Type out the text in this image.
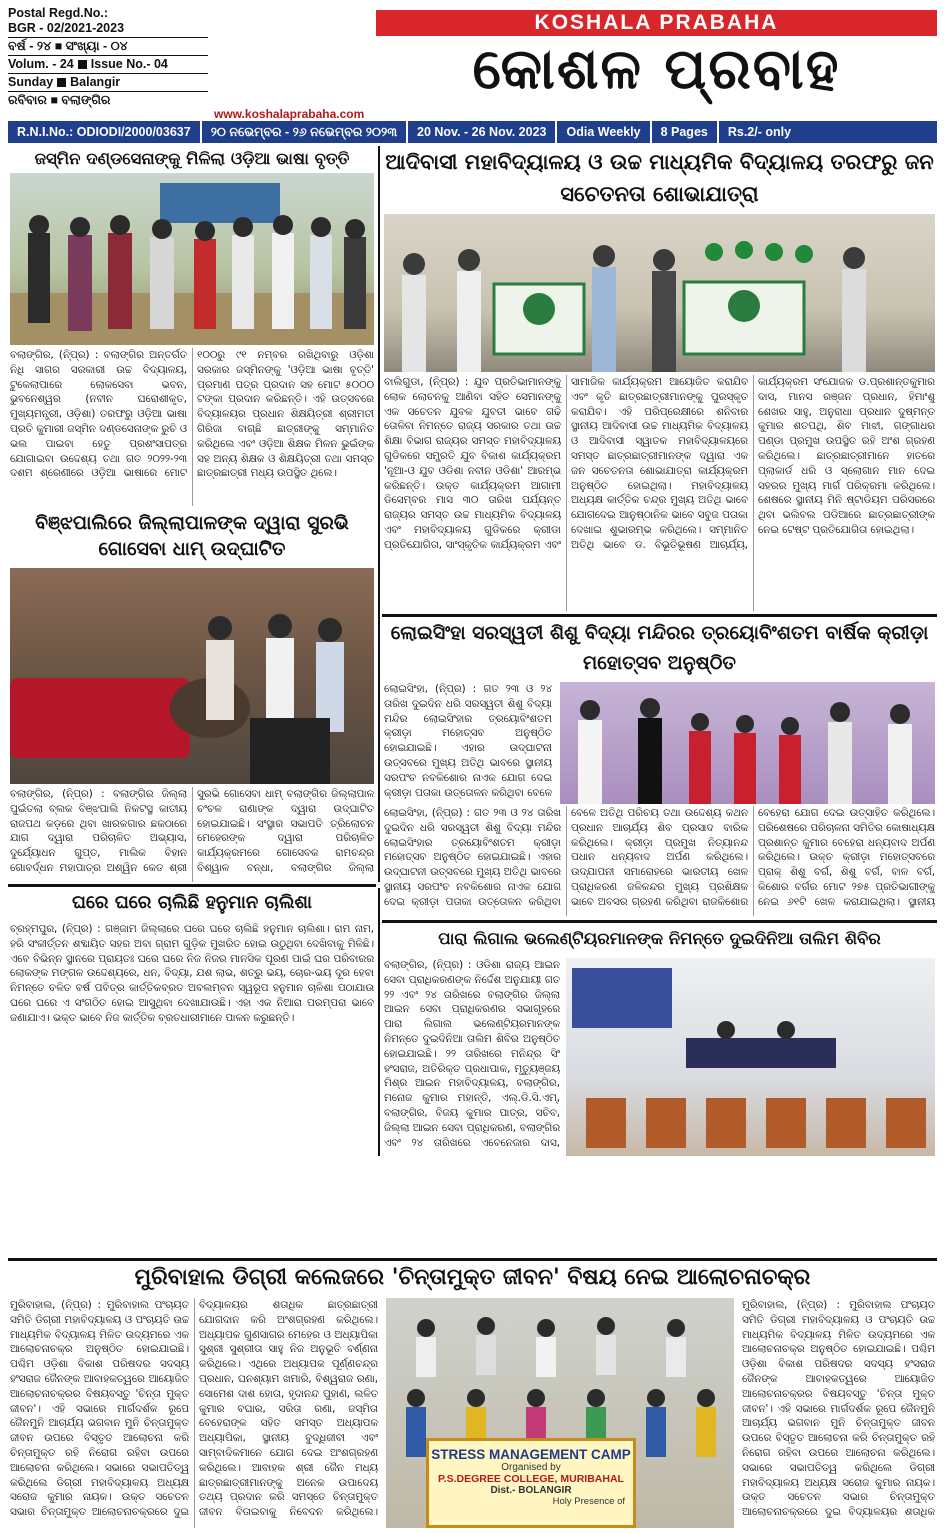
Postal Regd.No.:
BGR - 02/2021-2023
ବର୍ଷ - ୨୪ ■ ସଂଖ୍ୟା - ୦୪
Volum. - 24 Issue No.- 04
Sunday Balangir
ରବିବାର ■ ବଲାଙ୍ଗିର
www.koshalaprabaha.com
KOSHALA PRABAHA
କୋଶଳ ପ୍ରବାହ
R.N.I.No.: ODIODI/2000/03637	୨୦ ନଭେମ୍ବର - ୨୬ ନଭେମ୍ବର ୨୦୨୩	20 Nov. - 26 Nov. 2023	Odia Weekly	8 Pages	Rs.2/- only
ଜସ୍ମିନ ଦଣ୍ଡସେନାଙ୍କୁ ମିଳିଲା ଓଡ଼ିଆ ଭାଷା ବୃତ୍ତି
ବଲାଙ୍ଗିର, (ନି୍ପ୍ର) : ବଲାଙ୍ଗିର ଅନ୍ତର୍ଗତ ନିଧି ସାଗର ସରକାରୀ ଉଚ୍ଚ ବିଦ୍ୟାଳୟ, ଟୁକେଲାପାରେ ଲୋକସେବା ଭବନ, ଭୁବନେଶ୍ୱର (ନବୀନ ଘରୋଶୀକୃତ, ମୁଖ୍ୟମନ୍ତ୍ରୀ, ଓଡ଼ିଶା) ତରଫରୁ ଓଡ଼ିଆ ଭାଷା ପ୍ରତି କୁମାରୀ ଜସ୍ମିନ ଦଣ୍ଡସେନାଙ୍କ ରୁଚି ଓ ଭଲ ପାଇବା ହେତୁ ପ୍ରଶଂସାପତ୍ର ଯୋଗାଇବା ଉଦ୍ଦେଶ୍ୟ ତଥା ଗତ ୨୦୨୨-୨୩ ଦଶମ ଶ୍ରେଣୀରେ ଓଡ଼ିଆ ଭାଷାରେ ମୋଟ ୧୦୦ରୁ ୯୧ ନମ୍ବର ରଖିଥିବାରୁ ଓଡ଼ିଶା ସରକାର ଜସ୍ମିନଙ୍କୁ 'ଓଡ଼ିଆ ଭାଷା ବୃତ୍ତି' ପ୍ରମାଣ ପତ୍ର ପ୍ରଦାନ ସହ ମୋଟ ୫୦୦୦ ଟଙ୍କା ପ୍ରଦାନ କରିଛନ୍ତି। ଏହି ଉତ୍ସବରେ ବିଦ୍ୟାଳୟର ପ୍ରଧାନ ଶିକ୍ଷୟିତ୍ରୀ ଶ୍ରୀମତୀ ଗିରିଜା ବାଗ୍ଛି ଛାତ୍ରୀଙ୍କୁ ସମ୍ମାନିତ କରିଥିଲେ ଏବଂ ଓଡ଼ିଆ ଶିକ୍ଷକ ମିଳନ ଭୁଇଁଙ୍କ ସହ ଅନ୍ୟ ଶିକ୍ଷକ ଓ ଶିକ୍ଷୟିତ୍ରୀ ତଥା ସମସ୍ତ ଛାତ୍ରଛାତ୍ରୀ ମଧ୍ୟ ଉପସ୍ଥିତ ଥିଲେ।
ଆଦିବାସୀ ମହାବିଦ୍ୟାଳୟ ଓ ଉଚ୍ଚ ମାଧ୍ୟମିକ ବିଦ୍ୟାଳୟ ତରଫରୁ ଜନ ସଚେତନତା ଶୋଭାଯାତ୍ରା
ବାଲିଗୁଡା, (ନି୍ପ୍ର) : ଯୁବ ପ୍ରତିଭାମାନଙ୍କୁ ଲୋକ ଲୋଚନକୁ ଆଣିବା ସହିତ ସେମାନଙ୍କୁ ଏକ ସଚେତନ ଯୁବକ ଯୁବତୀ ଭାବେ ଗଢି ତୋଳିବା ନିମନ୍ତେ ରାଜ୍ୟ ସରକାର ତଥା ଉଚ୍ଚ ଶିକ୍ଷା ବିଭାଗ ରାଜ୍ୟର ସମସ୍ତ ମହାବିଦ୍ୟାଳୟ ଗୁଡିକରେ ସମ୍ପ୍ରତି ଯୁବ ବିକାଶ କାର୍ଯ୍ୟକ୍ରମ 'ନୂଆ-ଓ ଯୁବ ଓଡିଶା ନବୀନ ଓଡିଶା' ଆରମ୍ଭ କରିଛନ୍ତି। ଉକ୍ତ କାର୍ଯ୍ୟକ୍ରମ ଆଗାମୀ ଡିସେମ୍ବର ମାସ ୩୦ ତାରିଖ ପର୍ଯ୍ୟନ୍ତ ରାଜ୍ୟର ସମସ୍ତ ଉଚ୍ଚ ମାଧ୍ୟମିକ ବିଦ୍ୟାଳୟ ଏବଂ ମହାବିଦ୍ୟାଳୟ ଗୁଡିକରେ କ୍ରୀଡା ପ୍ରତିଯୋଗିତା, ସାଂସ୍କୃତିକ କାର୍ଯ୍ୟକ୍ରମ ଏବଂ ସାମାଜିକ କାର୍ଯ୍ୟକ୍ରମ ଆୟୋଜିତ କରାଯିବ ଏବଂ କୃତି ଛାତ୍ରଛାତ୍ରୀମାନଙ୍କୁ ପୁରସ୍କୃତ କରାଯିବ। ଏହି ପରିପ୍ରେକ୍ଷୀରେ ଶନିବାର ସ୍ଥାନୀୟ ଆଦିବାସୀ ଉଚ୍ଚ ମାଧ୍ୟମିକ ବିଦ୍ୟାଳୟ ଓ ଆଦିବାସୀ ସ୍ୱାତକ ମହାବିଦ୍ୟାଳୟରେ ସମସ୍ତ ଛାତ୍ରଛାତ୍ରୀମାନଙ୍କ ଦ୍ୱାରା ଏକ ଜନ ସଚେତନତା ଶୋଭାଯାତ୍ରା କାର୍ଯ୍ୟକ୍ରମ ଅନୁଷ୍ଠିତ ହୋଇଥିଲା। ମହାବିଦ୍ୟାଳୟ ଅଧ୍ୟକ୍ଷ କାର୍ତ୍ତିକ ଚନ୍ଦ୍ର ମୁଖ୍ୟ ଅତିଥି ଭାବେ ଯୋଗଦେଇ ଆନୁଷ୍ଠାନିକ ଭାବେ ସବୁଜ ପତାକା ଦେଖାଇ ଶୁଭାରମ୍ଭ କରିଥିଲେ। ସମ୍ମାନିତ ଅତିଥି ଭାବେ ଡ. ବିଭୂତିଭୂଷଣ ଆଚାର୍ଯ୍ୟ, କାର୍ଯ୍ୟକ୍ରମ ସଂଯୋଜକ ଡ.ପ୍ରଶାନ୍ତକୁମାର ଦାସ, ମାନସ ରଞ୍ଜନ ପ୍ରଧାନ, ହିମାଂଶୁ ଶେଖର ସାହୁ, ଅନୁରାଧା ପ୍ରଧାନ ଦୁଷ୍ମନ୍ତ କୁମାର ଶତପଥି, ଶିବ ମାଝୀ, ଗଙ୍ଗାଧର ପଣ୍ଡା ପ୍ରମୁଖ ଉପସ୍ଥିତ ରହି ଅଂଶ ଗ୍ରହଣ କରିଥିଲେ। ଛାତ୍ରଛାତ୍ରୀମାନେ ହାତରେ ପ୍ଲାକାର୍ଡ ଧରି ଓ ସ୍ଲୋଗାନ ମାନ ଦେଇ ସହରର ମୁଖ୍ୟ ମାର୍ଗ ପରିକ୍ରମା କରିଥିଲେ। ଶେଷରେ ସ୍ଥାନୀୟ ମିନି ଷ୍ଟାଡିୟମ ପରିସରରେ ଥିବା ଭଲିବଲ ପଡିଆରେ ଛାତ୍ରଛାତ୍ରୀଙ୍କ ନେଇ ଟେଷ୍ଟ ପ୍ରତିଯୋଗିତା ହୋଇଥିଲା।
ବିଞ୍ଝପାଲିରେ ଜିଲ୍ଲାପାଳଙ୍କ ଦ୍ୱାରା ସୁରଭି ଗୋସେବା ଧାମ୍ ଉଦ୍‌ଘାଟିତ
ବଲାଙ୍ଗିର, (ନି୍ପ୍ର) : ବଲାଙ୍ଗିର ଜିଲ୍ଲା ପୁଇଁତଲା ବ୍ଲକ ବିଞ୍ଝପାଲି ନିକଟସ୍ଥ କାତୀୟ ରାଜପଥ କଡ଼ରେ ଥିବା ଖାରକଗାର ଛକଠାରେ ଯାଗ ଦ୍ୱାରା ପରିଚାଳିତ ଅଭ୍ୟାସ, ଦୁର୍ଯ୍ୟୋଧନ ଗୁପ୍ତ, ମାଲିକ ବିହାନ ଗୋବର୍ଦ୍ଧନ ମହାପାତ୍ର ଅଶ୍ୱିନ କେତ ଶ୍ରୀ ସୁରଭି ଗୋସେବା ଧାମ୍ ବଲାଙ୍ଗିର ଜିଲ୍ଲାପାଳ ଚଂଚଳ ରାଣାଙ୍କ ଦ୍ୱାରା ଉଦ୍‌ଘାଟିତ ହୋଇଯାଇଛି। ସଂସ୍ଥାର ସଭାପତି ତ୍ରିଲୋଚନ ମେହେରଙ୍କ ଦ୍ୱାରା ପରିଚାଳିତ କାର୍ଯ୍ୟକ୍ରମରେ ଗୋସେବକ ରାମଚନ୍ଦ୍ର ବିଶ୍ୱାଳ ବନ୍ଧା, ବଲାଙ୍ଗିର ଜିଲ୍ଲା
ଲୋଇସିଂହା ସରସ୍ୱତୀ ଶିଶୁ ବିଦ୍ୟା ମନ୍ଦିରର ତ୍ରୟୋବିଂଶତମ ବାର୍ଷିକ କ୍ରୀଡ଼ା ମହୋତ୍ସବ ଅନୁଷ୍ଠିତ
ଲୋଇସିଂହା, (ନି୍ପ୍ର) : ଗତ ୨୩ ଓ ୨୪ ତାରିଖ ଦୁଇଦିନ ଧରି ସରସ୍ୱତୀ ଶିଶୁ ବିଦ୍ୟା ମନ୍ଦିର ଲୋଇସିଂହାର ତ୍ରୟୋବିଂଶତମ କ୍ରୀଡ଼ା ମହୋତ୍ସବ ଅନୁଷ୍ଠିତ ହୋଇଯାଇଛି। ଏହାର ଉଦ୍‌ଘାଟନୀ ଉତ୍ସବରେ ମୁଖ୍ୟ ଅତିଥି ଭାବରେ ସ୍ଥାନୀୟ ସରପଂଚ ନବକିଶୋର ନାଏକ ଯୋଗ ଦେଇ କ୍ରୀଡ଼ା ପତାକା ଉତ୍ତୋଳନ କରିଥିବା ବେଳେ
ଲୋଇସିଂହା, (ନି୍ପ୍ର) : ଗତ ୨୩ ଓ ୨୪ ତାରିଖ ଦୁଇଦିନ ଧରି ସରସ୍ୱତୀ ଶିଶୁ ବିଦ୍ୟା ମନ୍ଦିର ଲୋଇସିଂହାର ତ୍ରୟୋବିଂଶତମ କ୍ରୀଡ଼ା ମହୋତ୍ସବ ଅନୁଷ୍ଠିତ ହୋଇଯାଇଛି। ଏହାର ଉଦ୍‌ଘାଟନୀ ଉତ୍ସବରେ ମୁଖ୍ୟ ଅତିଥି ଭାବରେ ସ୍ଥାନୀୟ ସରପଂଚ ନବକିଶୋର ନାଏକ ଯୋଗ ଦେଇ କ୍ରୀଡ଼ା ପତାକା ଉତ୍ତୋଳନ କରିଥିବା ବେଳେ ଅତିଥି ପରିଚୟ ତଥା ଉଦ୍ଦେଶ୍ୟ କଥନ ପ୍ରଧାନ ଆଚାର୍ଯ୍ୟ ଶିବ ପ୍ରସାଦ ବାରିକ କରିଥିଲେ। କ୍ରୀଡ଼ା ପ୍ରମୁଖ ନିତ୍ୟାନନ୍ଦ ପଧାନ ଧନ୍ୟବାଦ ଅର୍ପଣ କରିଥିଲେ। ଉଦ୍‌ଯାପନୀ ସମାରୋହରେ ଭାରତୀୟ ଖେଳ ପ୍ରାଧିକରଣ ଜଳିକନ୍ଦର ମୁଖ୍ୟ ପ୍ରଶିକ୍ଷକ ଭାବେ ଅବସର ଗ୍ରହଣ କରିଥିବା ରାଜକିଶୋର ବେହେରା ଯୋଗ ଦେଇ ଉତ୍ସାହିତ କରିଥିଲେ। ପରିଶେଷରେ ପରିଚାଳନା ସମିତିର କୋଷାଧ୍ୟକ୍ଷ ପ୍ରଶାନ୍ତ କୁମାର ବେହେରା ଧନ୍ୟବାଦ ଅର୍ପଣ କରିଥିଲେ। ଉକ୍ତ କ୍ରୀଡ଼ା ମହୋତ୍ସବରେ ପ୍ରାକ୍ ଶିଶୁ ବର୍ଗ, ଶିଶୁ ବର୍ଗ, ବାଳ ବର୍ଗ, କିଶୋର ବର୍ଗର ମୋଟ ୨୭୫ ପ୍ରତିଭାଗୀଙ୍କୁ ନେଇ ୬୧ଟି ଖେଳ କରାଯାଇଥିଲା। ସ୍ଥାନୀୟ
ଘରେ ଘରେ ଚାଲିଛି ହନୁମାନ ଚାଲିଶା
ବ୍ରହ୍ମପୁର, (ନି୍ପ୍ର) : ଗଞ୍ଜାମ ଜିଲ୍ଲାରେ ଘରେ ଘରେ ଚାଲିଛି ହନୁମାନ ଚାଲିଶା। ରାମ ନାମ, ହରି ସଂକୀର୍ତ୍ତନ ଶବ୍ଦାୟିତ ସହର ଅବା ଗ୍ରାମ ଗୁଡ଼ିକ ମୁଖରିତ ହୋଇ ଉଠୁଥିବା ଦେଖିବାକୁ ମିଳିଛି। ଏବେ ବିଭିନ୍ନ ସ୍ଥାନରେ ପ୍ରାୟତଃ ଘରେ ଘରେ ନିଜ ନିଜର ମାନସିକ ପୂରଣ ପାଇଁ ଘର ପରିବାରର ଲୋକଙ୍କ ମଙ୍ଗଳ ଉଦ୍ଦେଶ୍ୟରେ, ଧନ, ବିଦ୍ୟା, ଯଶ ଲାଭ, ଶତ୍ରୁ ଭୟ, ଚୋର-ଭୟ ଦୂର ହେବା ନିମନ୍ତେ ଚଳିତ ବର୍ଷ ପବିତ୍ର କାର୍ତ୍ତିକବ୍ରତ ଅବଲମ୍ବନ ସ୍ୱରୂପ ହନୁମାନ ଚାଳିଶା ପଠାଯାଉ ଘରେ ଘରେ ଏ ସଂଗଠିତ ହୋଇ ଆସୁଥିବା ଦେଖାଯାଉଛି। ଏହା ଏକ ନିଆରା ପରମ୍ପରା ଭାବେ ଜଣାଯାଏ। ଭକ୍ତ ଭାବେ ନିଜ କାର୍ତ୍ତିକ ବ୍ରତଧାରୀମାନେ ପାଳନ କରୁଛନ୍ତି।
ପାରା ଲିଗାଲ ଭଲେଣ୍ଟିୟରମାନଙ୍କ ନିମନ୍ତେ ଦୁଇଦିନିଆ ତାଲିମ ଶିବିର
ବଲାଙ୍ଗିର, (ନି୍ପ୍ର) : ଓଡିଶା ରାଜ୍ୟ ଆଇନ ସେବା ପ୍ରାଧିକରଣଙ୍କ ନିର୍ଦ୍ଦେଶ ଅନୁଯାୟୀ ଗତ ୨୨ ଏବଂ ୨୪ ତାରିଖରେ ବଲାଙ୍ଗିର ଜିଲ୍ଲା ଆଇନ ସେବା ପ୍ରାଧିକରଣର ସଭାଗୃହରେ ପାରା ଲିଗାଲ ଭଲେଣ୍ଟିୟରମାନଙ୍କ ନିମନ୍ତେ ଦୁଇଦିନିଆ ତାଲିମ ଶିବିର ଅନୁଷ୍ଠିତ ହୋଇଯାଇଛି। ୨୨ ତାରିଖରେ ମନିନ୍ଦ୍ର ସିଂ ହଂସରାଜ, ଅତିରିକ୍ତ ପ୍ରଧାପାକ, ମୃତ୍ୟୁଞ୍ଜୟ ମିଶ୍ର ଆଇନ ମହାବିଦ୍ୟାଳୟ, ବଲାଙ୍ଗିର, ମନୋଜ କୁମାର ମହାନ୍ତି, ଏଲ୍.ଡି.ସି.ଏମ୍, ବଲାଙ୍ଗିର, ବିଜୟ କୁମାର ପାତ୍ର, ସଚିବ, ଜିଲ୍ଲା ଆଇନ ସେବା ପ୍ରାଧିକରଣ, ବଲାଙ୍ଗିର ଏବଂ ୨୪ ତାରିଖରେ ଏବେନେଜାର ଦାସ,
ମୁରିବାହାଲ ଡିଗ୍ରୀ କଲେଜରେ 'ଚିନ୍ତାମୁକ୍ତ ଜୀବନ' ବିଷୟ ନେଇ ଆଲୋଚନାଚକ୍ର
ମୁରିବାହାଲ, (ନି୍ପ୍ର) : ମୁରିବାହାଲ ପଂଚାୟତ ସମିତି ଡିଗ୍ରୀ ମହାବିଦ୍ୟାଳୟ ଓ ପଂଚାୟତି ଉଚ୍ଚ ମାଧ୍ୟମିକ ବିଦ୍ୟାଳୟ ମିଳିତ ଉଦ୍ୟମରେ ଏକ ଆଲୋଚନାଚକ୍ର ଅନୁଷ୍ଠିତ ହୋଇଯାଇଛି। ପଶ୍ଚିମ ଓଡ଼ିଶା ବିକାଶ ପରିଷଦର ସଦସ୍ୟ ହଂସରାଜ ଜୈନଙ୍କ ଆବାହକତ୍ୱରେ ଆୟୋଜିତ ଆଲୋଚନାଚକ୍ରର ବିଷୟବସ୍ତୁ 'ଚିନ୍ତା ମୁକ୍ତ ଜୀବନ'। ଏହି ସଭାରେ ମାର୍ଗଦର୍ଶକ ରୂପେ ଜୈନମୁନି ଆଚାର୍ଯ୍ୟ ଭଗବାନ ମୁନି ଚିନ୍ତାମୁକ୍ତ ଜୀବନ ଉପରେ ବିସ୍ତୃତ ଆଲୋଚନା କରି ଚିନ୍ତାମୁକ୍ତ ରହି ନିରୋଗ ରହିବା ଉପରେ ଆଲୋଚନା କରିଥିଲେ। ସଭାରେ ସଭାପତିତ୍ୱ କରିଥିଲେ ଡିଗ୍ରୀ ମହାବିଦ୍ୟାଳୟ ଅଧ୍ୟକ୍ଷ ସରୋଜ କୁମାର ନାୟକ। ଉକ୍ତ ସଚେତନ ସଭାର ଚିନ୍ତାମୁକ୍ତ ଆଲୋଚନାଚକ୍ରରେ ଦୁଇ ବିଦ୍ୟାଳୟର ଶତାଧିକ ଛାତ୍ରଛାତ୍ରୀ ଯୋଗଦାନ କରି ଅଂଶଗ୍ରହଣ କରିଥିଲେ। ଅଧ୍ୟାପକ ଗୁଣସାଗର ମେହେର ଓ ଅଧ୍ୟାପିକା ସୁଶ୍ରୀ ସୁଶ୍ରୀତା ସାହୁ ନିଜ ଅନୁଭୂତି ବର୍ଣ୍ଣନା କରିଥିଲେ। ଏଥିରେ ଅଧ୍ୟାପକ ପୂର୍ଣ୍ଣଚନ୍ଦ୍ର ପ୍ରଧାନ, ଘନଶ୍ୟାମ ଖମାରି, ବିଶ୍ୱରାଜ ରଣା, ସୋମେଶ ଦାଶ ହୋତା, ହୃଦାନନ୍ଦ ପୁହାଣ, ଲଳିତ କୁମାର ବଘାର, ସରିତା ରଣା, ଜସ୍ମିତା ବେହେରାଙ୍କ ସହିତ ସମସ୍ତ ଅଧ୍ୟାପକ ଅଧ୍ୟାପିକା, ସ୍ଥାନୀୟ ବୁଦ୍ଧିଜୀବୀ ଏବଂ ସାମ୍ବାଦିକମାନେ ଯୋଗ ଦେଇ ଅଂଶଗ୍ରହଣ କରିଥିଲେ। ଆବାହକ ଶ୍ରୀ ଜୈନ ମଧ୍ୟ ଛାତ୍ରଛାତ୍ରୀମାନଙ୍କୁ ଅନେକ ଉପାଦେୟ ତଥ୍ୟ ପ୍ରଦାନ କରି ସମସ୍ତେ ଚିନ୍ତାମୁକ୍ତ ଜୀବନ ବିତାଇବାକୁ ନିବେଦନ କରିଥିଲେ।
STRESS MANAGEMENT CAMP
Organised by
P.S.DEGREE COLLEGE, MURIBAHAL
Dist.- BOLANGIR
Holy Presence of
ମୁରିବାହାଲ, (ନି୍ପ୍ର) : ମୁରିବାହାଲ ପଂଚାୟତ ସମିତି ଡିଗ୍ରୀ ମହାବିଦ୍ୟାଳୟ ଓ ପଂଚାୟତି ଉଚ୍ଚ ମାଧ୍ୟମିକ ବିଦ୍ୟାଳୟ ମିଳିତ ଉଦ୍ୟମରେ ଏକ ଆଲୋଚନାଚକ୍ର ଅନୁଷ୍ଠିତ ହୋଇଯାଇଛି। ପଶ୍ଚିମ ଓଡ଼ିଶା ବିକାଶ ପରିଷଦର ସଦସ୍ୟ ହଂସରାଜ ଜୈନଙ୍କ ଆବାହକତ୍ୱରେ ଆୟୋଜିତ ଆଲୋଚନାଚକ୍ରର ବିଷୟବସ୍ତୁ 'ଚିନ୍ତା ମୁକ୍ତ ଜୀବନ'। ଏହି ସଭାରେ ମାର୍ଗଦର୍ଶକ ରୂପେ ଜୈନମୁନି ଆଚାର୍ଯ୍ୟ ଭଗବାନ ମୁନି ଚିନ୍ତାମୁକ୍ତ ଜୀବନ ଉପରେ ବିସ୍ତୃତ ଆଲୋଚନା କରି ଚିନ୍ତାମୁକ୍ତ ରହି ନିରୋଗ ରହିବା ଉପରେ ଆଲୋଚନା କରିଥିଲେ। ସଭାରେ ସଭାପତିତ୍ୱ କରିଥିଲେ ଡିଗ୍ରୀ ମହାବିଦ୍ୟାଳୟ ଅଧ୍ୟକ୍ଷ ସରୋଜ କୁମାର ନାୟକ। ଉକ୍ତ ସଚେତନ ସଭାର ଚିନ୍ତାମୁକ୍ତ ଆଲୋଚନାଚକ୍ରରେ ଦୁଇ ବିଦ୍ୟାଳୟର ଶତାଧିକ
